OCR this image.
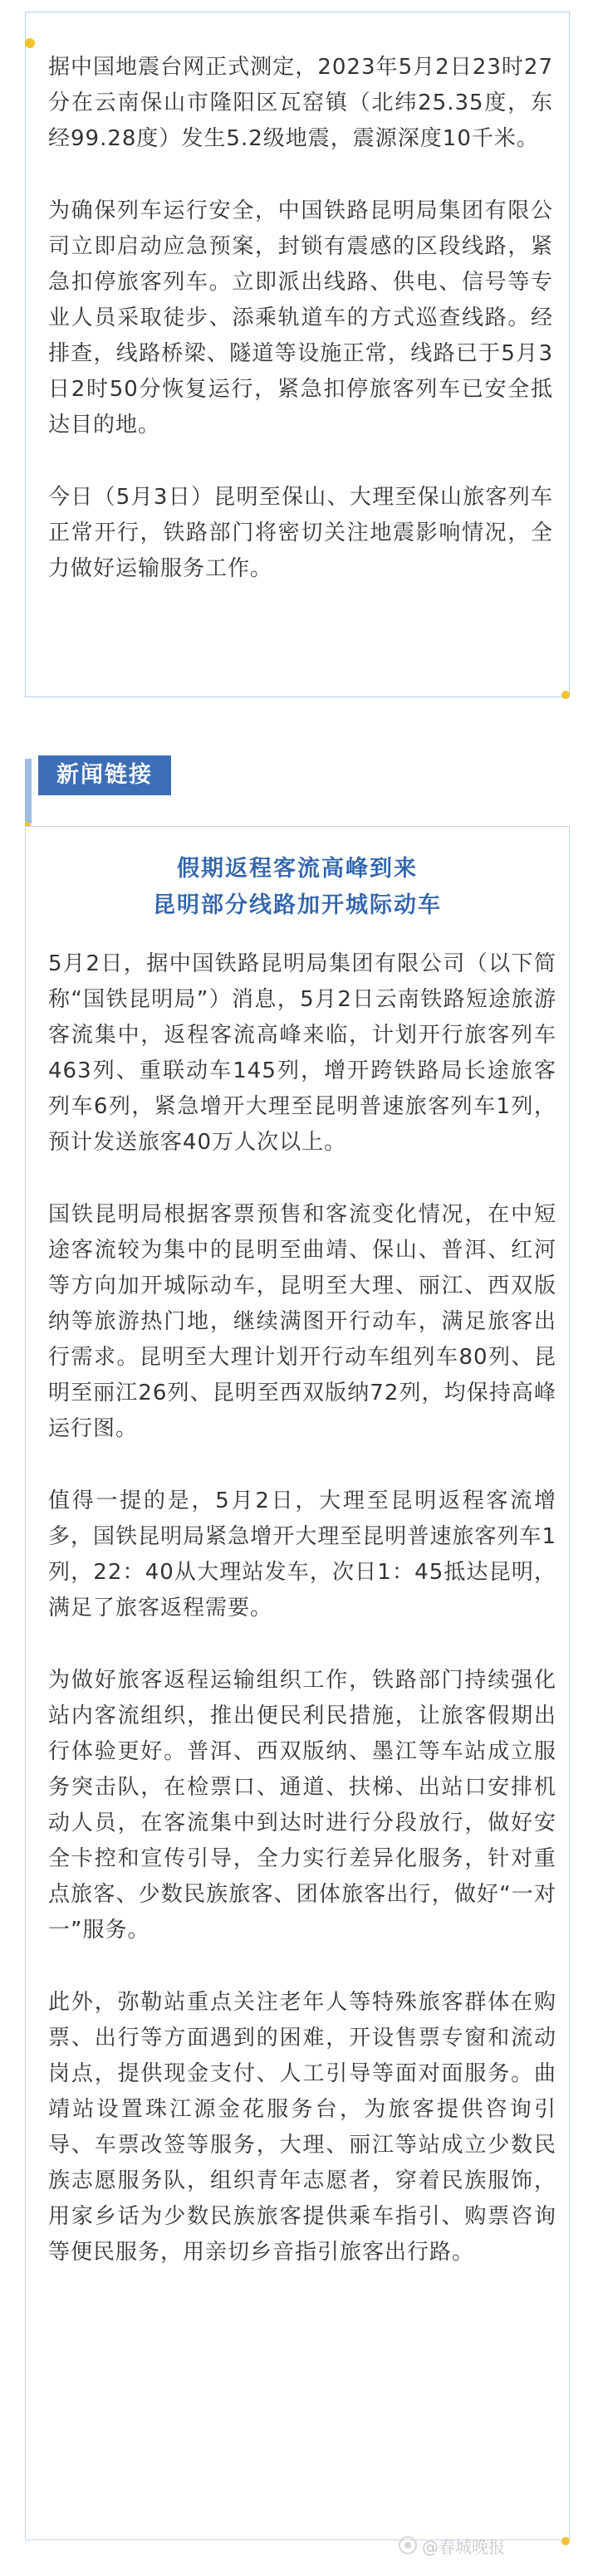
据中国地震台网正式测定，2023年5月2日23时27分在云南保山市隆阳区瓦窑镇（北纬25.35度，东经99.28度）发生5.2级地震，震源深度10千米。

为确保列车运行安全，中国铁路昆明局集团有限公司立即启动应急预案，封锁有震感的区段线路，紧急扣停旅客列车。立即派出线路、供电、信号等专业人员采取徒步、添乘轨道车的方式巡查线路。经排查，线路桥梁、隧道等设施正常，线路已于5月3日2时50分恢复运行，紧急扣停旅客列车已安全抵达目的地。

今日（5月3日）昆明至保山、大理至保山旅客列车正常开行，铁路部门将密切关注地震影响情况，全力做好运输服务工作。

新闻链接
假期返程客流高峰到来
昆明部分线路加开城际动车

5月2日，据中国铁路昆明局集团有限公司（以下简称“国铁昆明局”）消息，5月2日云南铁路短途旅游客流集中，返程客流高峰来临，计划开行旅客列车463列、重联动车145列，增开跨铁路局长途旅客列车6列，紧急增开大理至昆明普速旅客列车1列，预计发送旅客40万人次以上。

国铁昆明局根据客票预售和客流变化情况，在中短途客流较为集中的昆明至曲靖、保山、普洱、红河等方向加开城际动车，昆明至大理、丽江、西双版纳等旅游热门地，继续满图开行动车，满足旅客出行需求。昆明至大理计划开行动车组列车80列、昆明至丽江26列、昆明至西双版纳72列，均保持高峰运行图。

值得一提的是，5月2日，大理至昆明返程客流增多，国铁昆明局紧急增开大理至昆明普速旅客列车1列，22：40从大理站发车，次日1：45抵达昆明，满足了旅客返程需要。

为做好旅客返程运输组织工作，铁路部门持续强化站内客流组织，推出便民利民措施，让旅客假期出行体验更好。普洱、西双版纳、墨江等车站成立服务突击队，在检票口、通道、扶梯、出站口安排机动人员，在客流集中到达时进行分段放行，做好安全卡控和宣传引导，全力实行差异化服务，针对重点旅客、少数民族旅客、团体旅客出行，做好“一对一”服务。

此外，弥勒站重点关注老年人等特殊旅客群体在购票、出行等方面遇到的困难，开设售票专窗和流动岗点，提供现金支付、人工引导等面对面服务。曲靖站设置珠江源金花服务台，为旅客提供咨询引导、车票改签等服务，大理、丽江等站成立少数民族志愿服务队，组织青年志愿者，穿着民族服饰，用家乡话为少数民族旅客提供乘车指引、购票咨询等便民服务，用亲切乡音指引旅客出行路。

@春城晚报
